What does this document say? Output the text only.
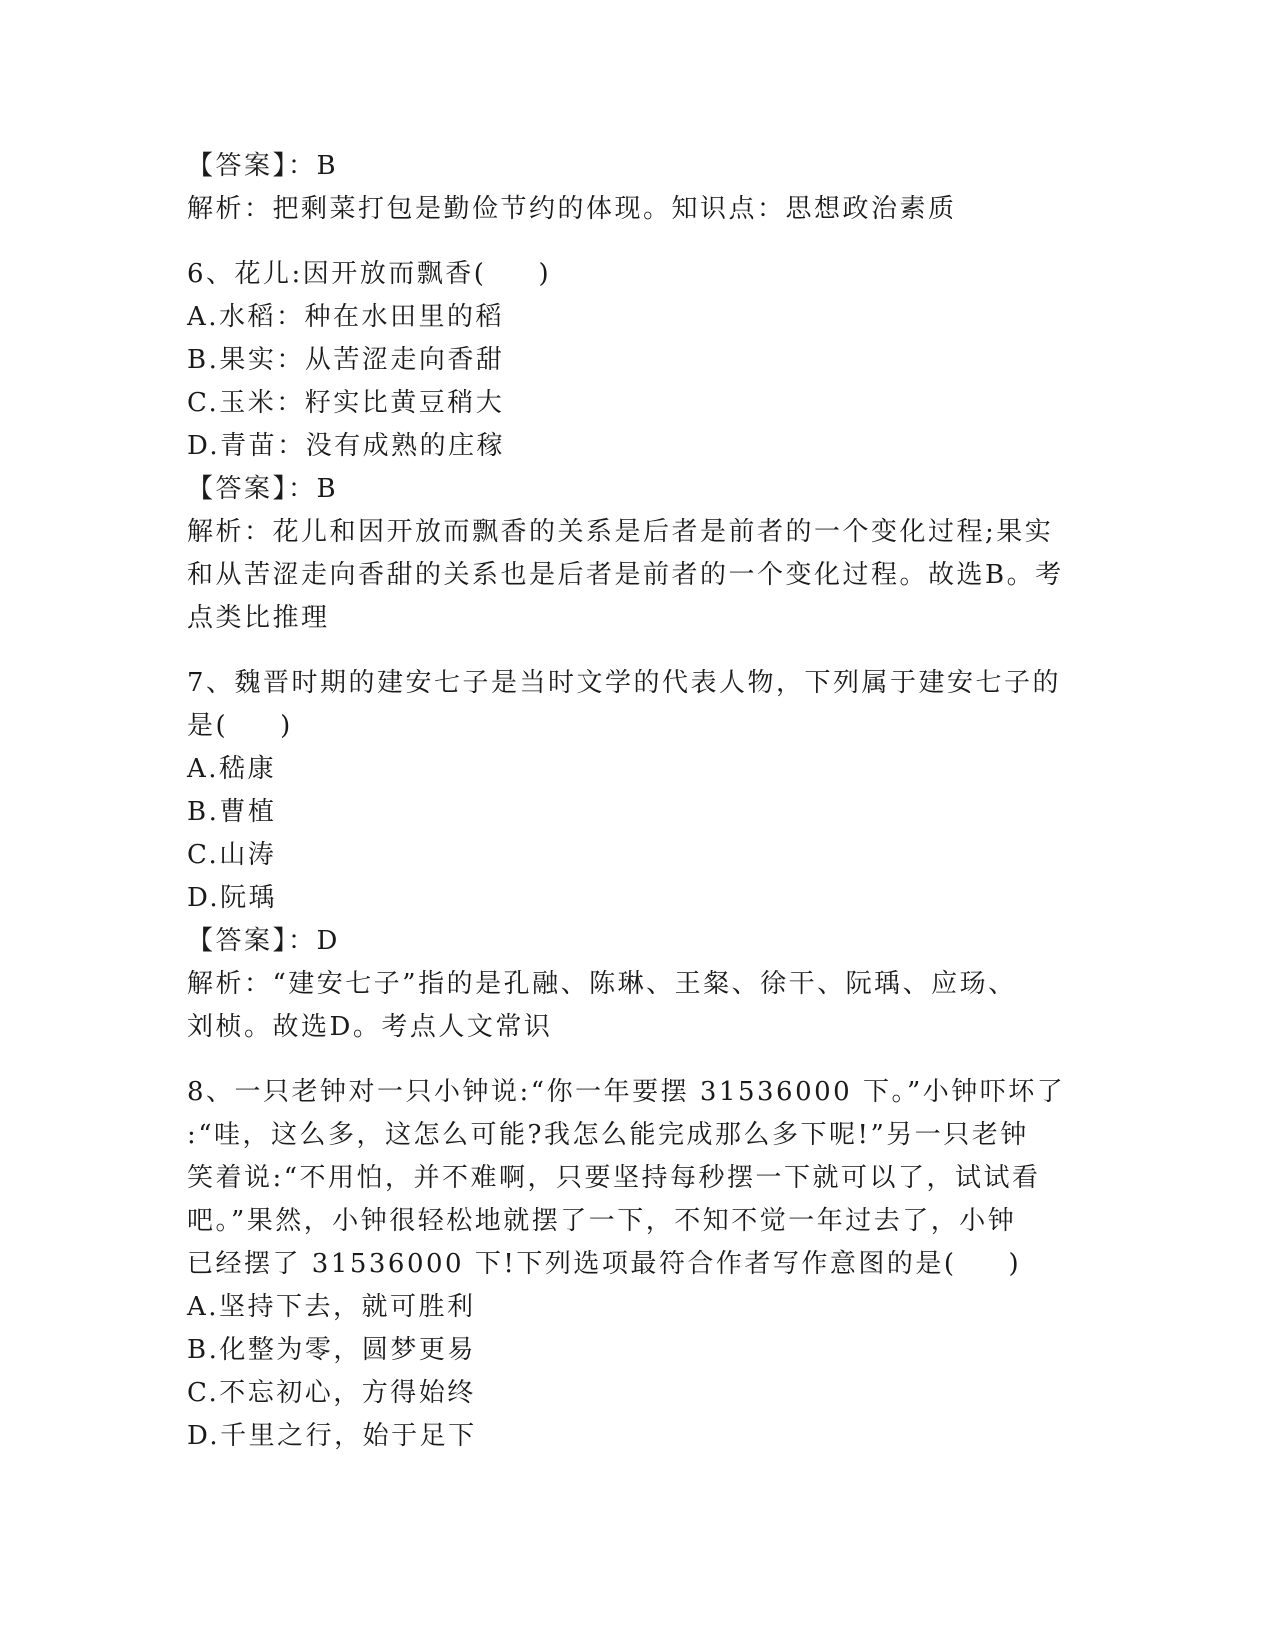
【答案】：B
解析：把剩菜打包是勤俭节约的体现。知识点：思想政治素质
6、花儿:因开放而飘香( )
A.水稻：种在水田里的稻
B.果实：从苦涩走向香甜
C.玉米：籽实比黄豆稍大
D.青苗：没有成熟的庄稼
【答案】：B
解析：花儿和因开放而飘香的关系是后者是前者的一个变化过程;果实
和从苦涩走向香甜的关系也是后者是前者的一个变化过程。故选B。考
点类比推理
7、魏晋时期的建安七子是当时文学的代表人物，下列属于建安七子的
是( )
A.嵇康
B.曹植
C.山涛
D.阮瑀
【答案】：D
解析：“建安七子”指的是孔融、陈琳、王粲、徐干、阮瑀、应玚、
刘桢。故选D。考点人文常识
8、一只老钟对一只小钟说:“你一年要摆 31536000 下。”小钟吓坏了
:“哇，这么多，这怎么可能?我怎么能完成那么多下呢!”另一只老钟
笑着说:“不用怕，并不难啊，只要坚持每秒摆一下就可以了，试试看
吧。”果然，小钟很轻松地就摆了一下，不知不觉一年过去了，小钟
已经摆了 31536000 下!下列选项最符合作者写作意图的是( )
A.坚持下去，就可胜利
B.化整为零，圆梦更易
C.不忘初心，方得始终
D.千里之行，始于足下
